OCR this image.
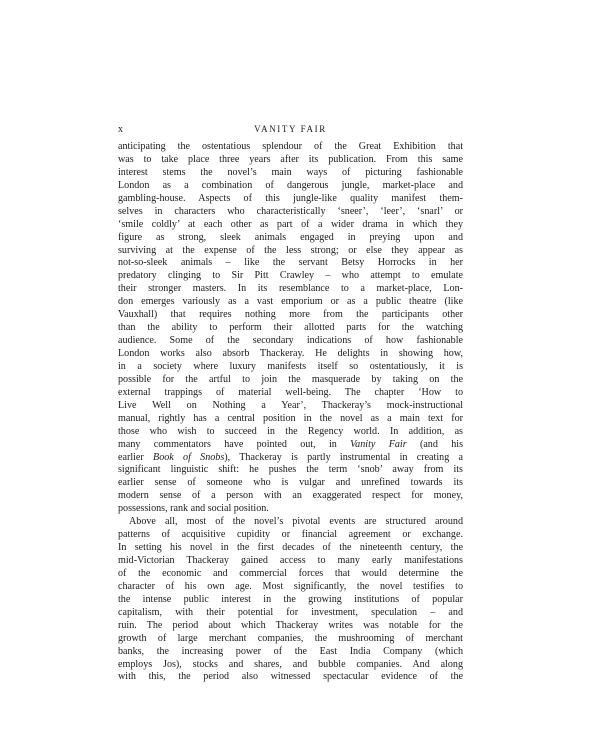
x	VANITY FAIR
anticipating the ostentatious splendour of the Great Exhibition that
was to take place three years after its publication. From this same
interest stems the novel’s main ways of picturing fashionable
London as a combination of dangerous jungle, market-place and
gambling-house. Aspects of this jungle-like quality manifest them-
selves in characters who characteristically ‘sneer’, ‘leer’, ‘snarl’ or
‘smile coldly’ at each other as part of a wider drama in which they
figure as strong, sleek animals engaged in preying upon and
surviving at the expense of the less strong; or else they appear as
not-so-sleek animals – like the servant Betsy Horrocks in her
predatory clinging to Sir Pitt Crawley – who attempt to emulate
their stronger masters. In its resemblance to a market-place, Lon-
don emerges variously as a vast emporium or as a public theatre (like
Vauxhall) that requires nothing more from the participants other
than the ability to perform their allotted parts for the watching
audience. Some of the secondary indications of how fashionable
London works also absorb Thackeray. He delights in showing how,
in a society where luxury manifests itself so ostentatiously, it is
possible for the artful to join the masquerade by taking on the
external trappings of material well-being. The chapter ‘How to
Live Well on Nothing a Year’, Thackeray’s mock-instructional
manual, rightly has a central position in the novel as a main text for
those who wish to succeed in the Regency world. In addition, as
many commentators have pointed out, in Vanity Fair (and his
earlier Book of Snobs), Thackeray is partly instrumental in creating a
significant linguistic shift: he pushes the term ‘snob’ away from its
earlier sense of someone who is vulgar and unrefined towards its
modern sense of a person with an exaggerated respect for money,
possessions, rank and social position.
Above all, most of the novel’s pivotal events are structured around
patterns of acquisitive cupidity or financial agreement or exchange.
In setting his novel in the first decades of the nineteenth century, the
mid-Victorian Thackeray gained access to many early manifestations
of the economic and commercial forces that would determine the
character of his own age. Most significantly, the novel testifies to
the intense public interest in the growing institutions of popular
capitalism, with their potential for investment, speculation – and
ruin. The period about which Thackeray writes was notable for the
growth of large merchant companies, the mushrooming of merchant
banks, the increasing power of the East India Company (which
employs Jos), stocks and shares, and bubble companies. And along
with this, the period also witnessed spectacular evidence of the
